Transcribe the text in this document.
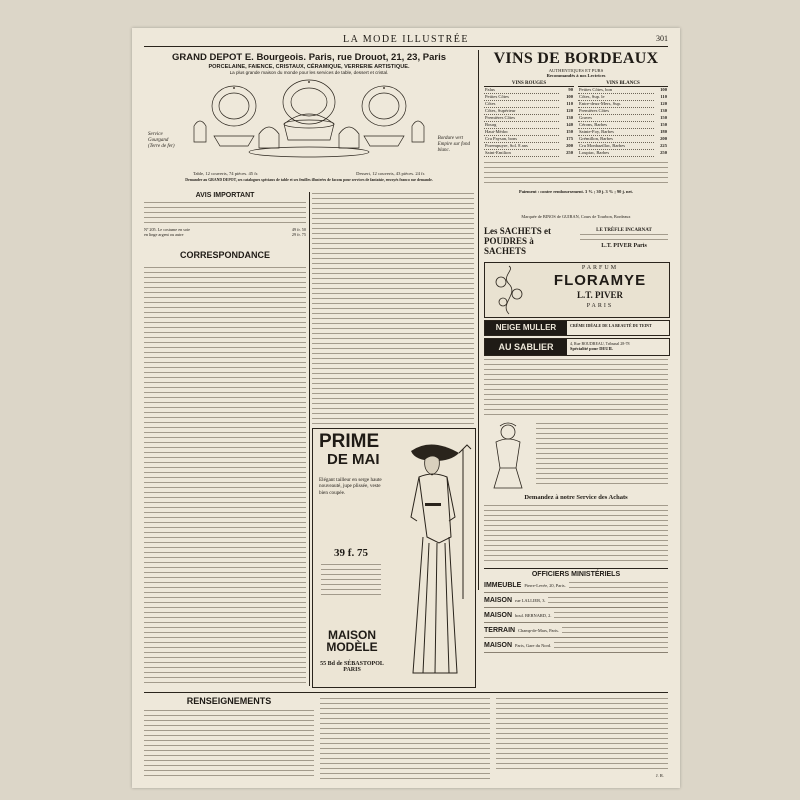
LA MODE ILLUSTRÉE	301
GRAND DEPOT E. Bourgeois. Paris, rue Drouot, 21, 23, Paris
PORCELAINE, FAIENCE, CRISTAUX, CÉRAMIQUE, VERRERIE ARTISTIQUE.
La plus grande maison du monde pour les services de table, dessert et cristal.
Service
Gourgand
(Terre de fer)
Bordure vert
Empire sur fond
blanc.
Table, 12 couverts, 74 pièces. 45 fr.	Dessert, 12 couverts, 43 pièces. 24 fr.
Demander au GRAND DEPOT, ses catalogues spéciaux de table et ses feuilles illustrées de facons pour services de fantaisie, envoyés franco sur demande.
VINS DE BORDEAUX
AUTHENTIQUES ET PURS
Recommandés à nos Lectrices
VINS ROUGES
Palus	90
Petites Côtes	100
Côtes	110
Côtes, Supérieur	120
Premières Côtes	130
Bourg	140
Haut-Médoc	150
Cru Paysan, bons	175
Porempuyre, Sol. 8 ans	200
Saint-Emilion	250
VINS BLANCS
Petites Côtes, bon	100
Côtes, Sup. le	110
Entre-deux-Mers, Sup.	120
Premières Côtes	130
Graves	150
Cérons, Barbes	150
Sainte-Foy, Barbes	180
Grémillon, Barbes	200
Cru Monbazillac, Barbes	225
Loupiac, Barbes	250
Paiement : contre remboursement. 3 % ; 30 j. 3 % ; 90 j. net.
Marquée de BINOS de GUIRAN, Cours de Tourbon, Bordeaux
Les SACHETS et
POUDRES à SACHETS
LE TRÈFLE INCARNAT
L.T. PIVER Paris
PARFUM
FLORAMYE
L.T. PIVER
PARIS
NEIGE MULLER	CRÈME IDÉALE DE LA BEAUTÉ DU TEINT
AU SABLIER	4, Rue BOUDREAU, Tribunal 28-78
Spécialité pour DEUIL
Demandez à notre Service des Achats
OFFICIERS MINISTÉRIELS
IMMEUBLE Pierre-Levée, 20, Paris.
MAISON rue LALLIER, 3.
MAISON boul. BERNARD, 2.
TERRAIN Champ-de-Mars, Paris.
MAISON Paris, Gare du Nord.
AVIS IMPORTANT
Nº 205. Le costume en soie	49 fr. 50
en linge argent ou autre	29 fr. 75
CORRESPONDANCE
PRIME
DE MAI
Elégant tailleur en serge haute nouveauté, jupe plissée, veste bien coupée.
39 f. 75
MAISON MODÈLE
55 Bd de SÉBASTOPOL PARIS
RENSEIGNEMENTS
J. R.
